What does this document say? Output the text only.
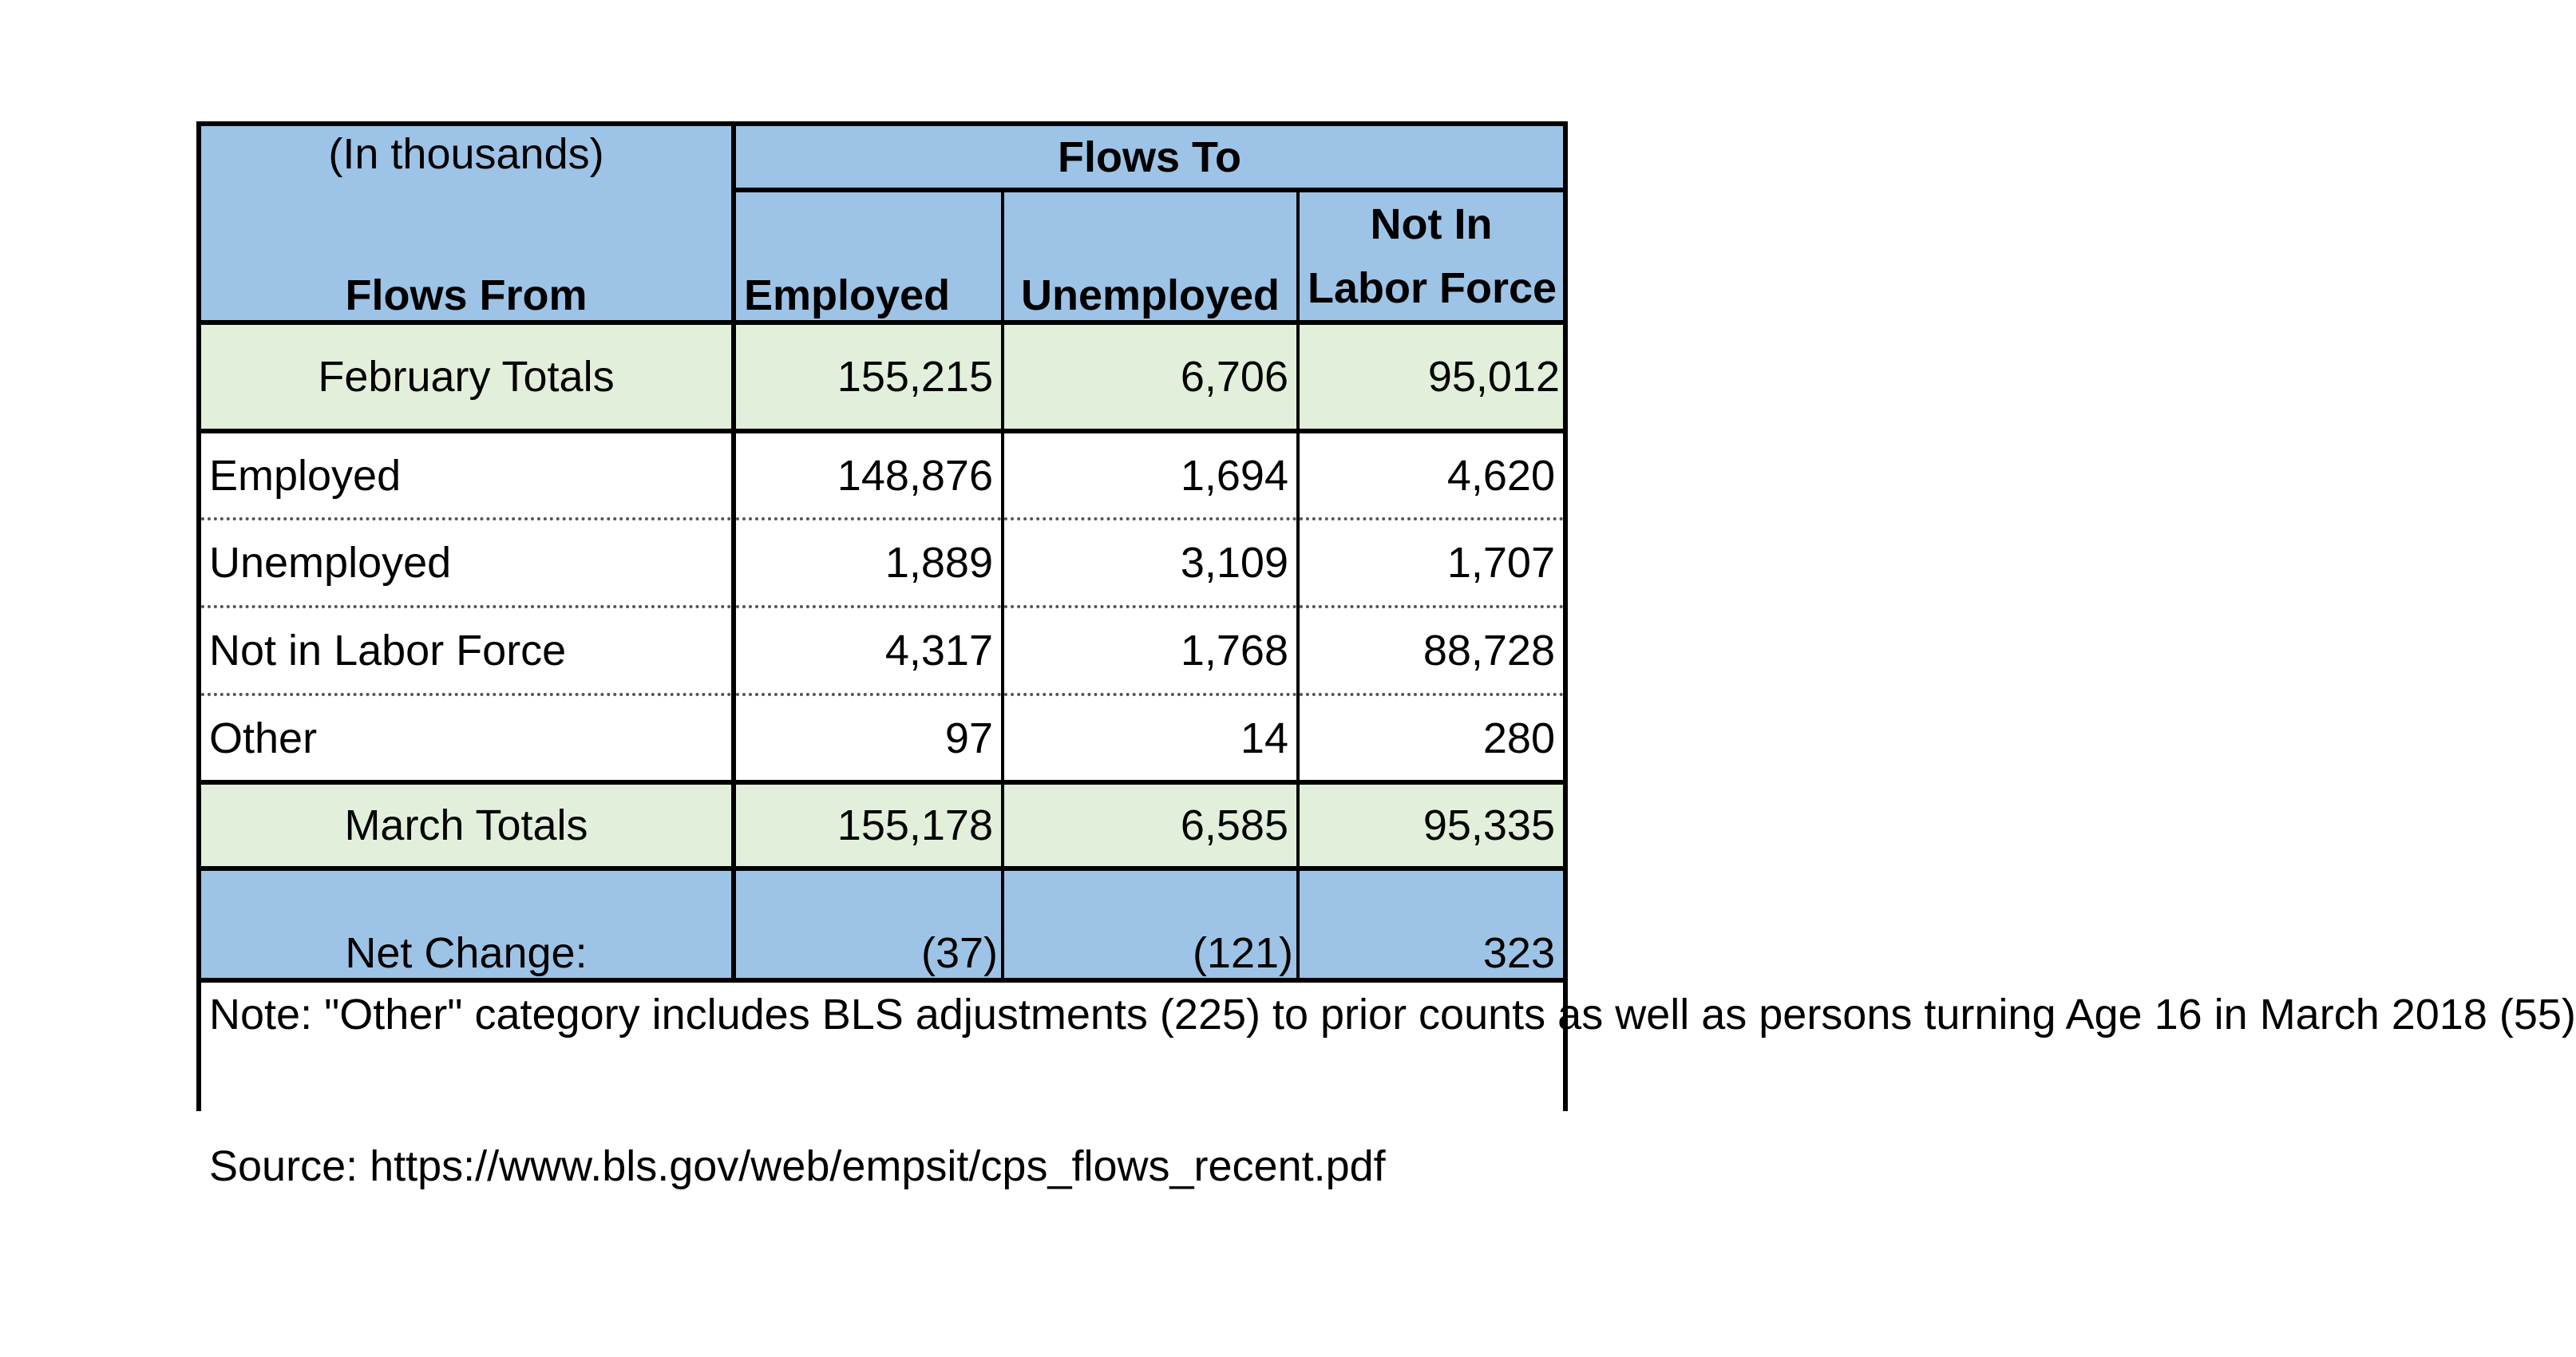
(In thousands)	Flows To		
Flows From	Employed	Unemployed	Not In
Labor Force

February Totals	155,215	6,706	95,012
Employed	148,876	1,694	4,620
Unemployed	1,889	3,109	1,707
Not in Labor Force	4,317	1,768	88,728
Other	97	14	280
March Totals	155,178	6,585	95,335
Net Change:	(37)	(121)	323
Note: "Other" category includes BLS adjustments (225) to prior counts as well as persons turning Age 16 in March 2018 (55)			
Source: https://www.bls.gov/web/empsit/cps_flows_recent.pdf
